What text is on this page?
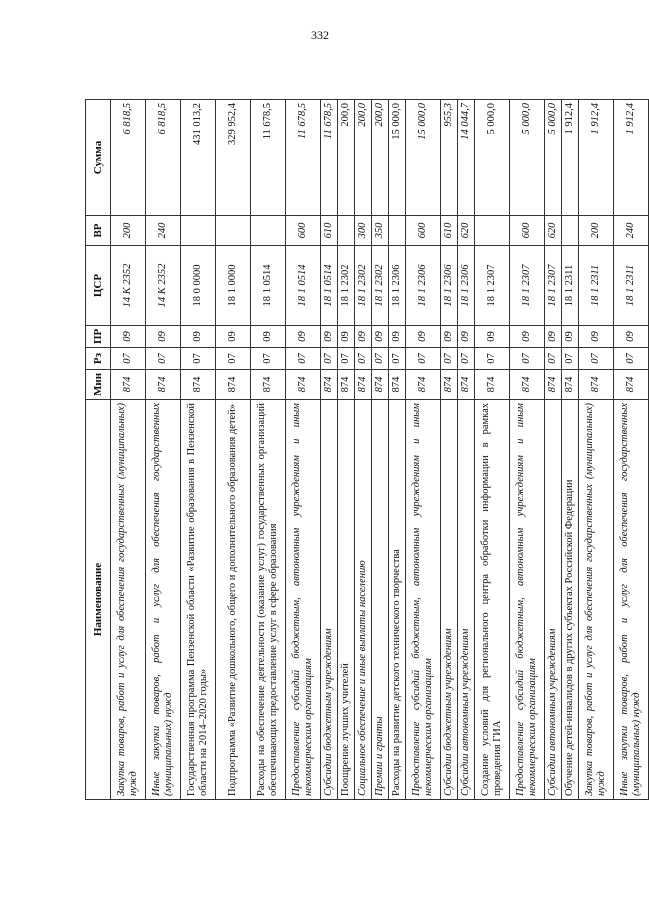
332
Наименование	Мин	Рз	ПР	ЦСР	ВР	Сумма
Закупка товаров, работ и услуг для обеспечения государственных (муниципальных) нужд	874	07	09	14 К 2352	200	6 818,5
Иные закупки товаров, работ и услуг для обеспечения государственных (муниципальных) нужд	874	07	09	14 К 2352	240	6 818,5
Государственная программа Пензенской области «Развитие образования в Пензенской области на 2014–2020 годы»	874	07	09	18 0 0000		431 013,2
Подпрограмма «Развитие дошкольного, общего и дополнительного образования детей»	874	07	09	18 1 0000		329 952,4
Расходы на обеспечение деятельности (оказание услуг) государственных организаций обеспечивающих предоставление услуг в сфере образования	874	07	09	18 1 0514		11 678,5
Предоставление субсидий бюджетным, автономным учреждениям и иным некоммерческим организациям	874	07	09	18 1 0514	600	11 678,5
Субсидии бюджетным учреждениям	874	07	09	18 1 0514	610	11 678,5
Поощрение лучших учителей	874	07	09	18 1 2302		200,0
Социальное обеспечение и иные выплаты населению	874	07	09	18 1 2302	300	200,0
Премии и гранты	874	07	09	18 1 2302	350	200,0
Расходы на развитие детского технического творчества	874	07	09	18 1 2306		15 000,0
Предоставление субсидий бюджетным, автономным учреждениям и иным некоммерческим организациям	874	07	09	18 1 2306	600	15 000,0
Субсидии бюджетным учреждениям	874	07	09	18 1 2306	610	955,3
Субсидии автономным учреждениям	874	07	09	18 1 2306	620	14 044,7
Создание условий для регионального центра обработки информации в рамках проведения ГИА	874	07	09	18 1 2307		5 000,0
Предоставление субсидий бюджетным, автономным учреждениям и иным некоммерческим организациям	874	07	09	18 1 2307	600	5 000,0
Субсидии автономным учреждениям	874	07	09	18 1 2307	620	5 000,0
Обучение детей-инвалидов в других субъектах Российской Федерации	874	07	09	18 1 2311		1 912,4
Закупка товаров, работ и услуг для обеспечения государственных (муниципальных) нужд	874	07	09	18 1 2311	200	1 912,4
Иные закупки товаров, работ и услуг для обеспечения государственных (муниципальных) нужд	874	07	09	18 1 2311	240	1 912,4
